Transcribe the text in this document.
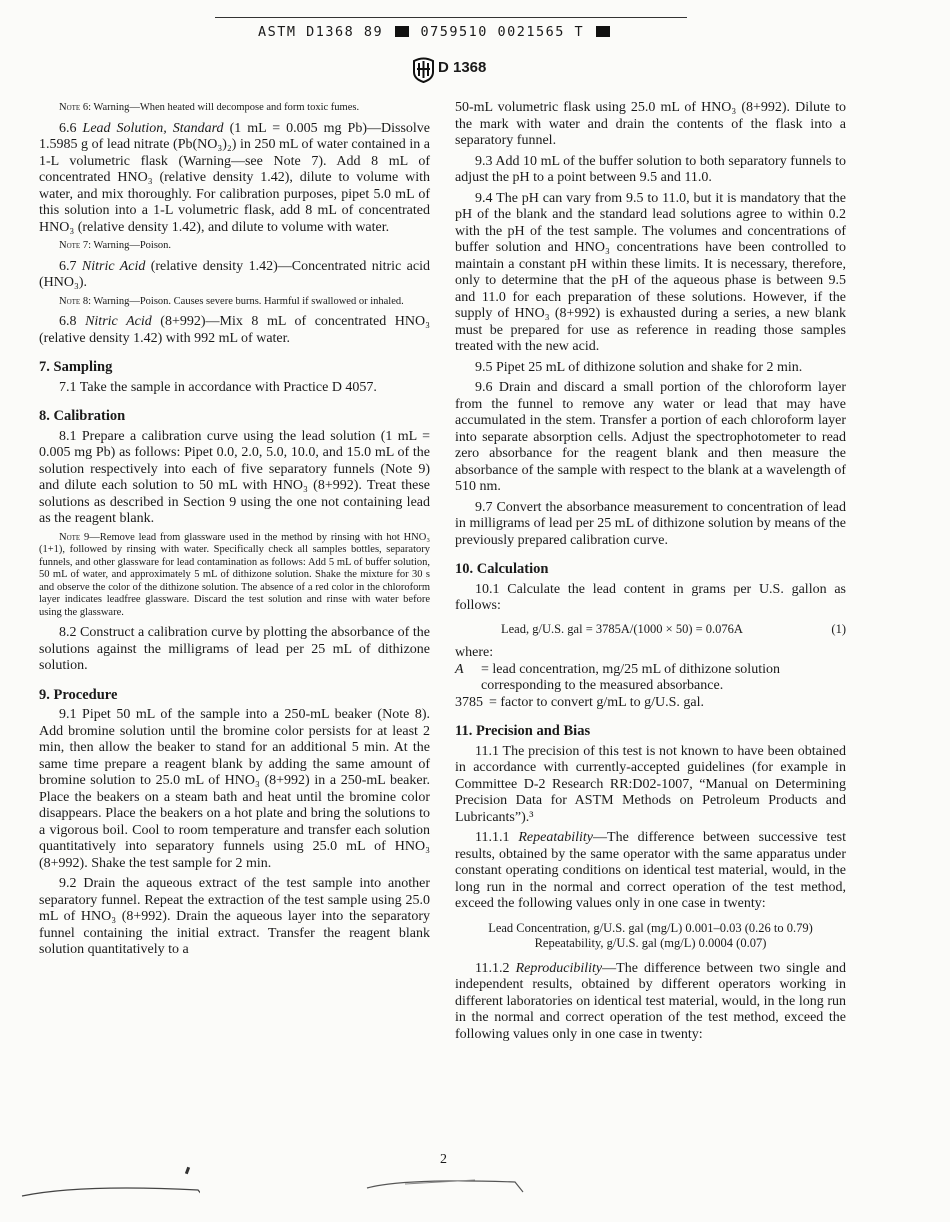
ASTM D1368 89	0759510 0021565 T
D 1368

Note 6: Warning—When heated will decompose and form toxic fumes.

6.6 Lead Solution, Standard (1 mL = 0.005 mg Pb)—Dissolve 1.5985 g of lead nitrate (Pb(NO₃)₂) in 250 mL of water contained in a 1-L volumetric flask (Warning—see Note 7). Add 8 mL of concentrated HNO₃ (relative density 1.42), dilute to volume with water, and mix thoroughly. For calibration purposes, pipet 5.0 mL of this solution into a 1-L volumetric flask, add 8 mL of concentrated HNO₃ (relative density 1.42), and dilute to volume with water.

Note 7: Warning—Poison.

6.7 Nitric Acid (relative density 1.42)—Concentrated nitric acid (HNO₃).

Note 8: Warning—Poison. Causes severe burns. Harmful if swallowed or inhaled.

6.8 Nitric Acid (8+992)—Mix 8 mL of concentrated HNO₃ (relative density 1.42) with 992 mL of water.

7. Sampling

7.1 Take the sample in accordance with Practice D 4057.

8. Calibration

8.1 Prepare a calibration curve using the lead solution (1 mL = 0.005 mg Pb) as follows: Pipet 0.0, 2.0, 5.0, 10.0, and 15.0 mL of the solution respectively into each of five separatory funnels (Note 9) and dilute each solution to 50 mL with HNO₃ (8+992). Treat these solutions as described in Section 9 using the one not containing lead as the reagent blank.

Note 9—Remove lead from glassware used in the method by rinsing with hot HNO₃ (1+1), followed by rinsing with water. Specifically check all samples bottles, separatory funnels, and other glassware for lead contamination as follows: Add 5 mL of buffer solution, 50 mL of water, and approximately 5 mL of dithizone solution. Shake the mixture for 30 s and observe the color of the dithizone solution. The absence of a red color in the chloroform layer indicates leadfree glassware. Discard the test solution and rinse with water before using the glassware.

8.2 Construct a calibration curve by plotting the absorbance of the solutions against the milligrams of lead per 25 mL of dithizone solution.

9. Procedure

9.1 Pipet 50 mL of the sample into a 250-mL beaker (Note 8). Add bromine solution until the bromine color persists for at least 2 min, then allow the beaker to stand for an additional 5 min. At the same time prepare a reagent blank by adding the same amount of bromine solution to 25.0 mL of HNO₃ (8+992) in a 250-mL beaker. Place the beakers on a steam bath and heat until the bromine color disappears. Place the beakers on a hot plate and bring the solutions to a vigorous boil. Cool to room temperature and transfer each solution quantitatively into separatory funnels using 25.0 mL of HNO₃ (8+992). Shake the test sample for 2 min.

9.2 Drain the aqueous extract of the test sample into another separatory funnel. Repeat the extraction of the test sample using 25.0 mL of HNO₃ (8+992). Drain the aqueous layer into the separatory funnel containing the initial extract. Transfer the reagent blank solution quantitatively to a

50-mL volumetric flask using 25.0 mL of HNO₃ (8+992). Dilute to the mark with water and drain the contents of the flask into a separatory funnel.

9.3 Add 10 mL of the buffer solution to both separatory funnels to adjust the pH to a point between 9.5 and 11.0.

9.4 The pH can vary from 9.5 to 11.0, but it is mandatory that the pH of the blank and the standard lead solutions agree to within 0.2 with the pH of the test sample. The volumes and concentrations of buffer solution and HNO₃ concentrations have been controlled to maintain a constant pH within these limits. It is necessary, therefore, only to determine that the pH of the aqueous phase is between 9.5 and 11.0 for each preparation of these solutions. However, if the supply of HNO₃ (8+992) is exhausted during a series, a new blank must be prepared for use as reference in reading those samples treated with the new acid.

9.5 Pipet 25 mL of dithizone solution and shake for 2 min.

9.6 Drain and discard a small portion of the chloroform layer from the funnel to remove any water or lead that may have accumulated in the stem. Transfer a portion of each chloroform layer into separate absorption cells. Adjust the spectrophotometer to read zero absorbance for the reagent blank and then measure the absorbance of the sample with respect to the blank at a wavelength of 510 nm.

9.7 Convert the absorbance measurement to concentration of lead in milligrams of lead per 25 mL of dithizone solution by means of the previously prepared calibration curve.

10. Calculation

10.1 Calculate the lead content in grams per U.S. gallon as follows:

Lead, g/U.S. gal = 3785A/(1000 × 50) = 0.076A	(1)
where:
A	= lead concentration, mg/25 mL of dithizone solution corresponding to the measured absorbance.
3785 = factor to convert g/mL to g/U.S. gal.
11. Precision and Bias

11.1 The precision of this test is not known to have been obtained in accordance with currently-accepted guidelines (for example in Committee D-2 Research RR:D02-1007, “Manual on Determining Precision Data for ASTM Methods on Petroleum Products and Lubricants”).³

11.1.1 Repeatability—The difference between successive test results, obtained by the same operator with the same apparatus under constant operating conditions on identical test material, would, in the long run in the normal and correct operation of the test method, exceed the following values only in one case in twenty:

Lead Concentration, g/U.S. gal (mg/L) 0.001–0.03 (0.26 to 0.79)
Repeatability, g/U.S. gal (mg/L) 0.0004 (0.07)

11.1.2 Reproducibility—The difference between two single and independent results, obtained by different operators working in different laboratories on identical test material, would, in the long run in the normal and correct operation of the test method, exceed the following values only in one case in twenty:

2
